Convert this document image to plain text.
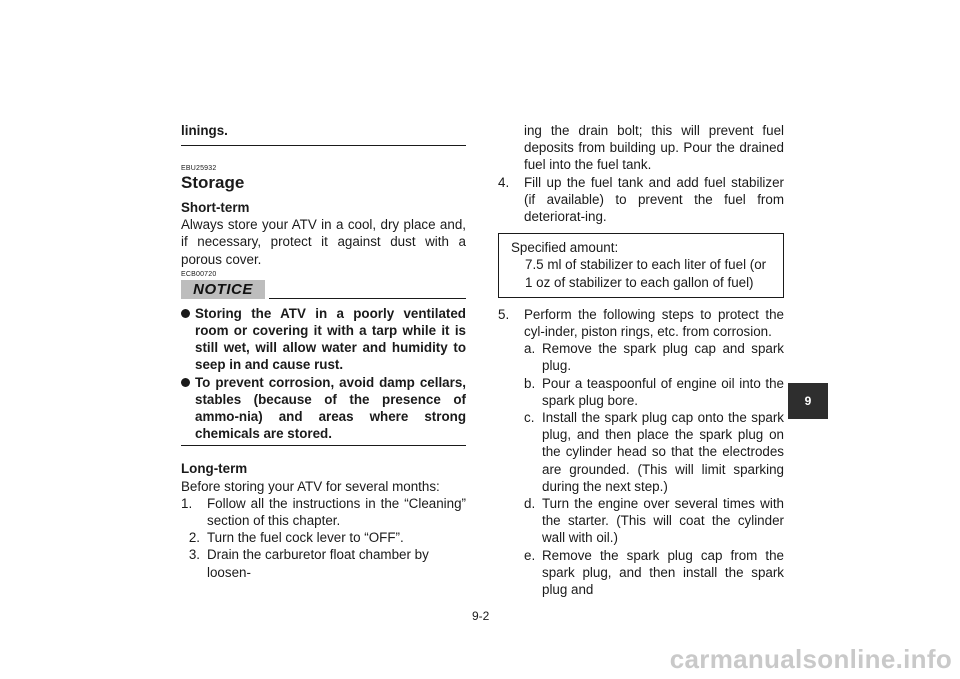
linings.
EBU25932
Storage
Short-term
Always store your ATV in a cool, dry place and, if necessary, protect it against dust with a porous cover.
ECB00720
NOTICE
Storing the ATV in a poorly ventilated room or covering it with a tarp while it is still wet, will allow water and humidity to seep in and cause rust.
To prevent corrosion, avoid damp cellars, stables (because of the presence of ammo-nia) and areas where strong chemicals are stored.
Long-term
Before storing your ATV for several months:
1.	Follow all the instructions in the “Cleaning” section of this chapter.
2. Turn the fuel cock lever to “OFF”.
3. Drain the carburetor float chamber by loosen-
ing the drain bolt; this will prevent fuel deposits from building up. Pour the drained fuel into the fuel tank.
4.	Fill up the fuel tank and add fuel stabilizer (if available) to prevent the fuel from deteriorat-ing.
Specified amount:
7.5 ml of stabilizer to each liter of fuel (or 1 oz of stabilizer to each gallon of fuel)
5.	Perform the following steps to protect the cyl-inder, piston rings, etc. from corrosion.
a. Remove the spark plug cap and spark plug.
b. Pour a teaspoonful of engine oil into the spark plug bore.
c. Install the spark plug cap onto the spark plug, and then place the spark plug on the cylinder head so that the electrodes are grounded. (This will limit sparking during the next step.)
d. Turn the engine over several times with the starter. (This will coat the cylinder wall with oil.)
e. Remove the spark plug cap from the spark plug, and then install the spark plug and
9-2
9
carmanualsonline.info
